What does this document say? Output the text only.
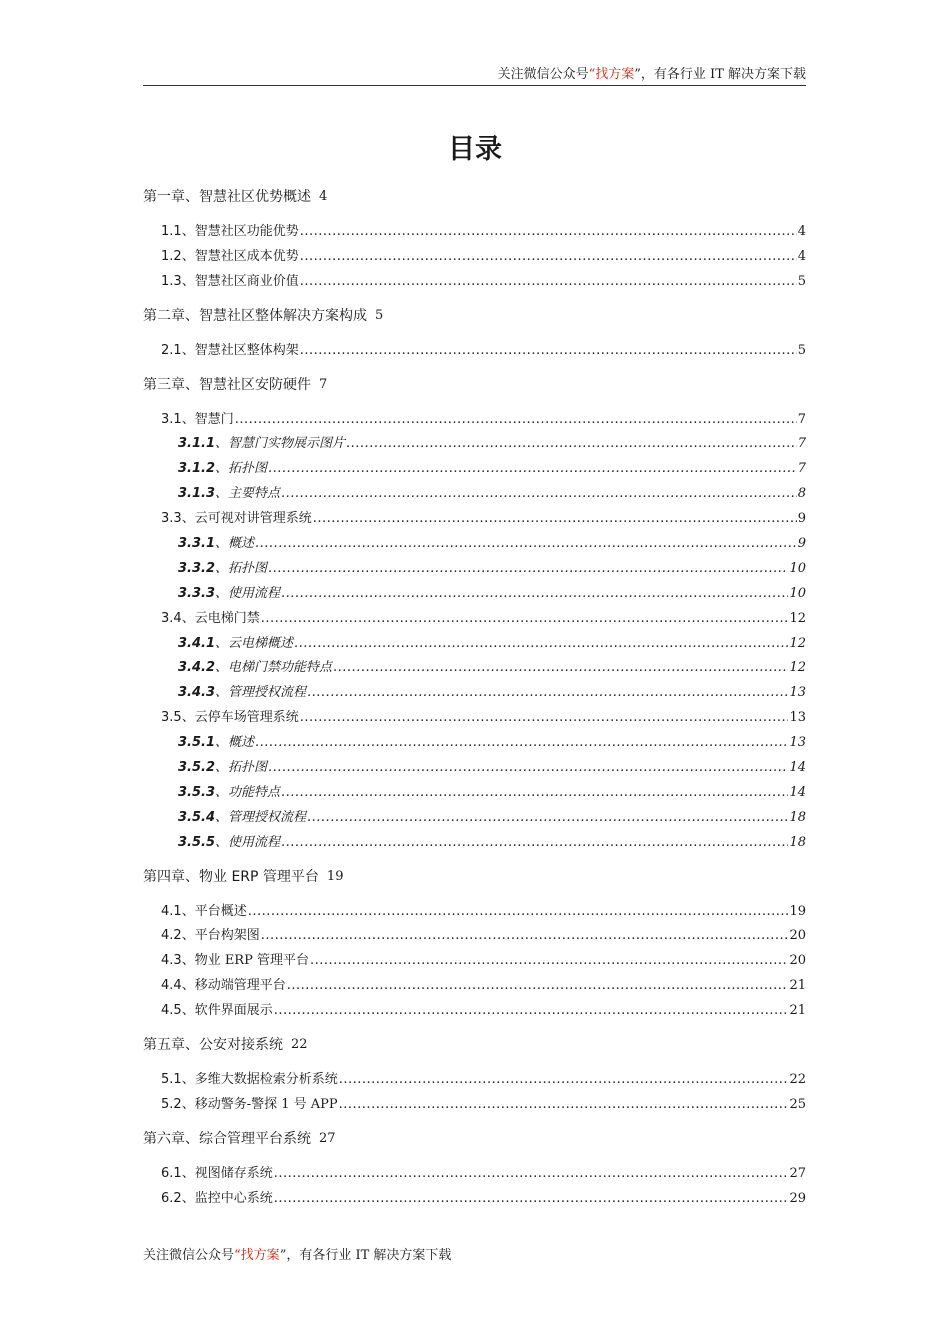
关注微信公众号“找方案”，有各行业 IT 解决方案下载
目录
第一章、智慧社区优势概述 4
1.1 、智慧社区功能优势 .....	4
1.2 、智慧社区成本优势 .....	4
1.3 、智慧社区商业价值 .....	5
第二章、智慧社区整体解决方案构成 5
2.1 、智慧社区整体构架 .....	5
第三章、智慧社区安防硬件 7
3.1 、智慧门 .....	7
3.1.1 、智慧门实物展示图片 .....	7
3.1.2 、拓扑图 .....	7
3.1.3 、主要特点 .....	8
3.3 、云可视对讲管理系统 .....	9
3.3.1 、概述 .....	9
3.3.2 、拓扑图 .....	10
3.3.3 、使用流程 .....	10
3.4 、云电梯门禁 .....	12
3.4.1 、云电梯概述 .....	12
3.4.2 、电梯门禁功能特点 .....	12
3.4.3 、管理授权流程 .....	13
3.5 、云停车场管理系统 .....	13
3.5.1 、概述 .....	13
3.5.2 、拓扑图 .....	14
3.5.3 、功能特点 .....	14
3.5.4 、管理授权流程 .....	18
3.5.5 、使用流程 .....	18
第四章、物业 ERP 管理平台 19
4.1 、平台概述 .....	19
4.2 、平台构架图 .....	20
4.3 、物业 ERP 管理平台 .....	20
4.4 、移动端管理平台 .....	21
4.5 、软件界面展示 .....	21
第五章、公安对接系统 22
5.1 、多维大数据检索分析系统 .....	22
5.2 、移动警务-警探 1 号 APP .....	25
第六章、综合管理平台系统 27
6.1 、视图储存系统 .....	27
6.2 、监控中心系统 .....	29
关注微信公众号“找方案”，有各行业 IT 解决方案下载
